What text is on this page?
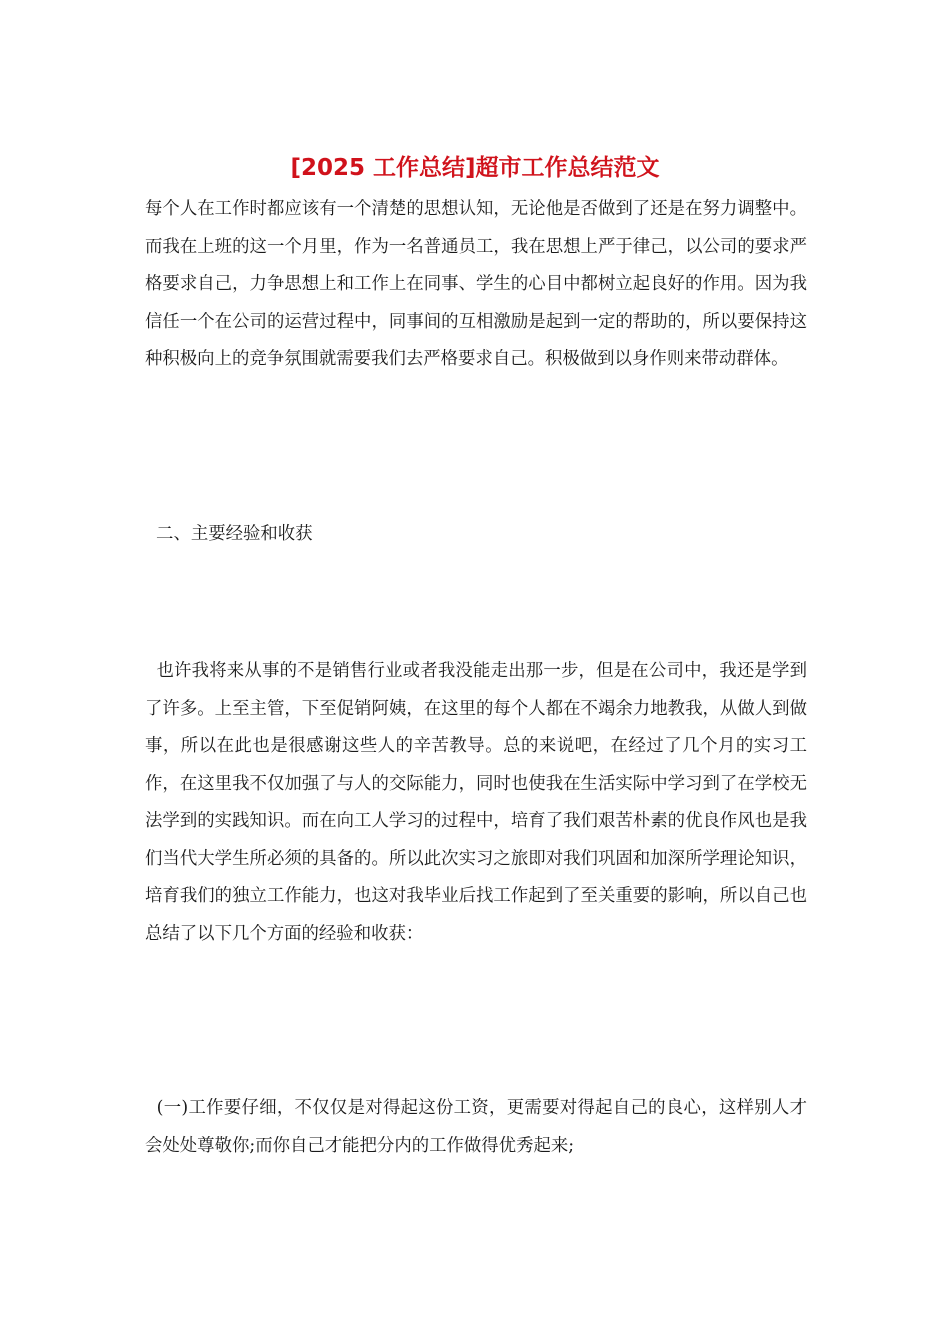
[2025 工作总结]超市工作总结范文

每个人在工作时都应该有一个清楚的思想认知，无论他是否做到了还是在努力调整中。而我在上班的这一个月里，作为一名普通员工，我在思想上严于律己，以公司的要求严格要求自己，力争思想上和工作上在同事、学生的心目中都树立起良好的作用。因为我信任一个在公司的运营过程中，同事间的互相激励是起到一定的帮助的，所以要保持这种积极向上的竞争氛围就需要我们去严格要求自己。积极做到以身作则来带动群体。

二、主要经验和收获

也许我将来从事的不是销售行业或者我没能走出那一步，但是在公司中，我还是学到了许多。上至主管，下至促销阿姨，在这里的每个人都在不竭余力地教我，从做人到做事，所以在此也是很感谢这些人的辛苦教导。总的来说吧，在经过了几个月的实习工作，在这里我不仅加强了与人的交际能力，同时也使我在生活实际中学习到了在学校无法学到的实践知识。而在向工人学习的过程中，培育了我们艰苦朴素的优良作风也是我们当代大学生所必须的具备的。所以此次实习之旅即对我们巩固和加深所学理论知识，培育我们的独立工作能力，也这对我毕业后找工作起到了至关重要的影响，所以自己也总结了以下几个方面的经验和收获：

(一)工作要仔细，不仅仅是对得起这份工资，更需要对得起自己的良心，这样别人才会处处尊敬你;而你自己才能把分内的工作做得优秀起来;
